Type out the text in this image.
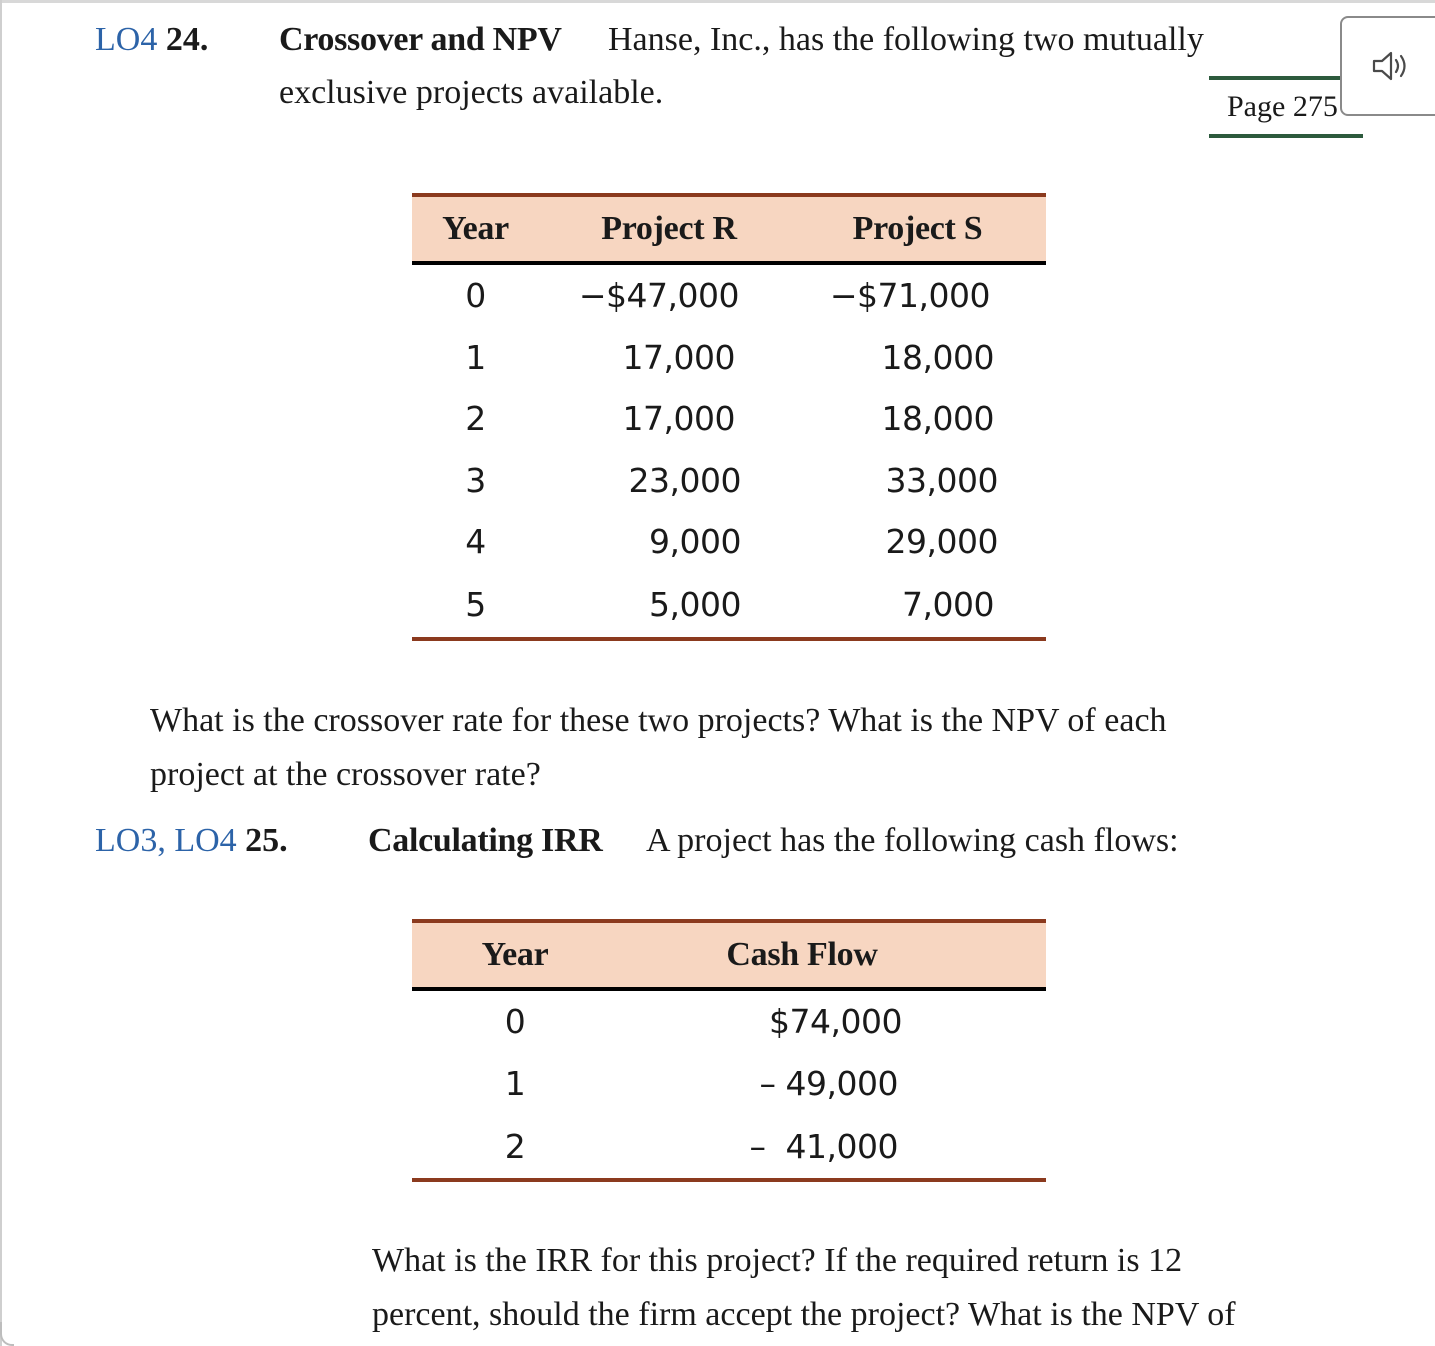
LO4 24. Crossover and NPV Hanse, Inc., has the following two mutually
exclusive projects available.	Page 275
Year	Project R	Project S
0	−$47,000	−$71,000
1	17,000	18,000
2	17,000	18,000
3	23,000	33,000
4	9,000	29,000
5	5,000	7,000
What is the crossover rate for these two projects? What is the NPV of each
project at the crossover rate?
LO3, LO4 25. Calculating IRR A project has the following cash flows:
Year	Cash Flow
0	$74,000
1	– 49,000
2	–  41,000
What is the IRR for this project? If the required return is 12
percent, should the firm accept the project? What is the NPV of
